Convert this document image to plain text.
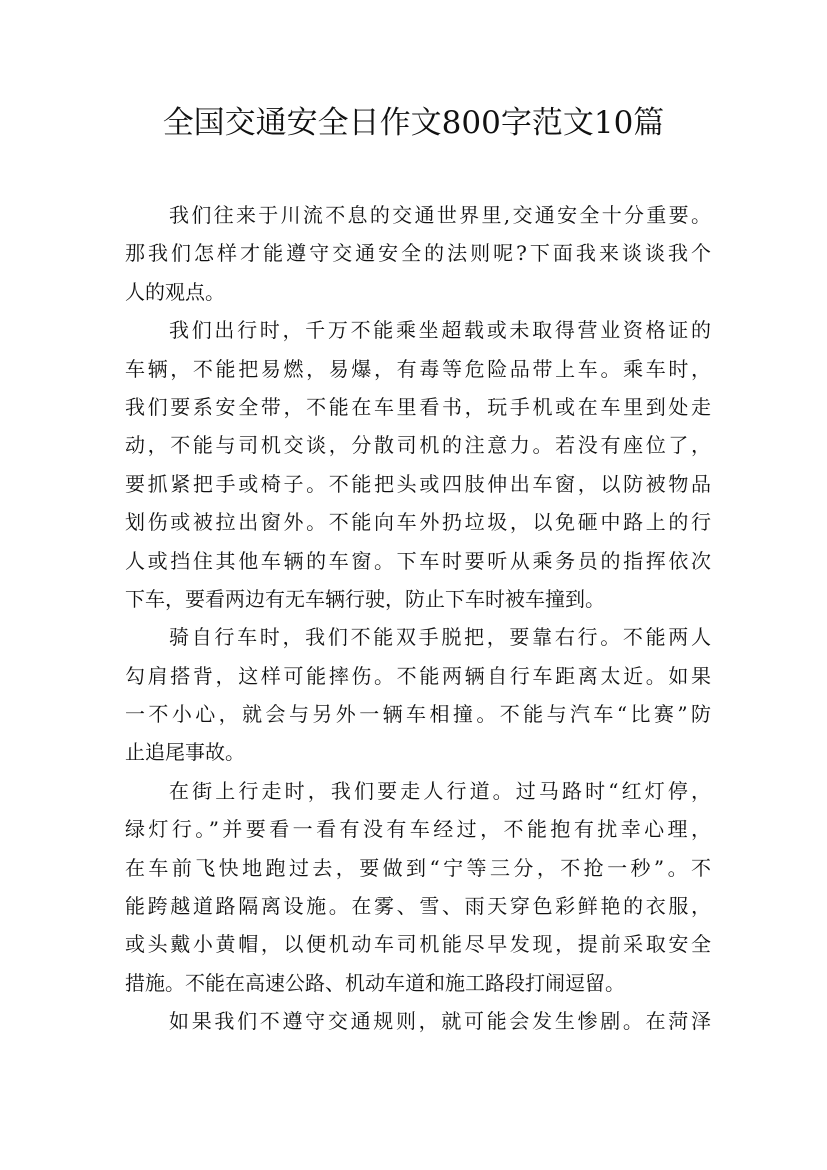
全国交通安全日作文800字范文10篇
我们往来于川流不息的交通世界里,交通安全十分重要。
那我们怎样才能遵守交通安全的法则呢?下面我来谈谈我个
人的观点。
我们出行时，千万不能乘坐超载或未取得营业资格证的
车辆，不能把易燃，易爆，有毒等危险品带上车。乘车时，
我们要系安全带，不能在车里看书，玩手机或在车里到处走
动，不能与司机交谈，分散司机的注意力。若没有座位了，
要抓紧把手或椅子。不能把头或四肢伸出车窗，以防被物品
划伤或被拉出窗外。不能向车外扔垃圾，以免砸中路上的行
人或挡住其他车辆的车窗。下车时要听从乘务员的指挥依次
下车，要看两边有无车辆行驶，防止下车时被车撞到。
骑自行车时，我们不能双手脱把，要靠右行。不能两人
勾肩搭背，这样可能摔伤。不能两辆自行车距离太近。如果
一不小心，就会与另外一辆车相撞。不能与汽车“比赛”防
止追尾事故。
在街上行走时，我们要走人行道。过马路时“红灯停，
绿灯行。”并要看一看有没有车经过，不能抱有扰幸心理，
在车前飞快地跑过去，要做到“宁等三分，不抢一秒”。不
能跨越道路隔离设施。在雾、雪、雨天穿色彩鲜艳的衣服，
或头戴小黄帽，以便机动车司机能尽早发现，提前采取安全
措施。不能在高速公路、机动车道和施工路段打闹逗留。
如果我们不遵守交通规则，就可能会发生惨剧。在菏泽
